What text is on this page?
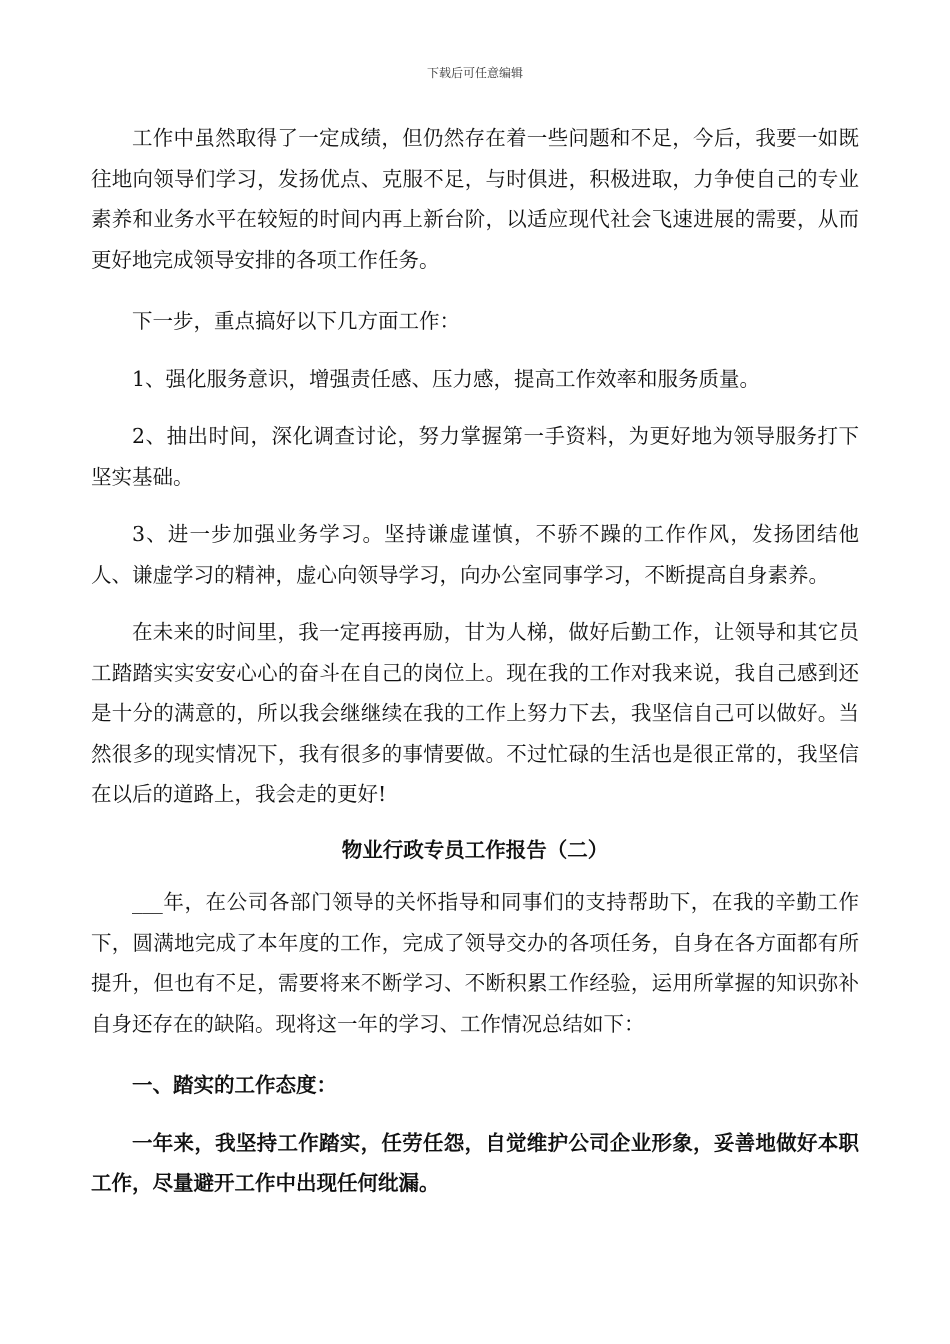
下载后可任意编辑

工作中虽然取得了一定成绩，但仍然存在着一些问题和不足，今后，我要一如既往地向领导们学习，发扬优点、克服不足，与时俱进，积极进取，力争使自己的专业素养和业务水平在较短的时间内再上新台阶，以适应现代社会飞速进展的需要，从而更好地完成领导安排的各项工作任务。

下一步，重点搞好以下几方面工作：

1、强化服务意识，增强责任感、压力感，提高工作效率和服务质量。

2、抽出时间，深化调查讨论，努力掌握第一手资料，为更好地为领导服务打下坚实基础。

3、进一步加强业务学习。坚持谦虚谨慎，不骄不躁的工作作风，发扬团结他人、谦虚学习的精神，虚心向领导学习，向办公室同事学习，不断提高自身素养。

在未来的时间里，我一定再接再励，甘为人梯，做好后勤工作，让领导和其它员工踏踏实实安安心心的奋斗在自己的岗位上。现在我的工作对我来说，我自己感到还是十分的满意的，所以我会继继续在我的工作上努力下去，我坚信自己可以做好。当然很多的现实情况下，我有很多的事情要做。不过忙碌的生活也是很正常的，我坚信在以后的道路上，我会走的更好!

物业行政专员工作报告（二）

___年，在公司各部门领导的关怀指导和同事们的支持帮助下，在我的辛勤工作下，圆满地完成了本年度的工作，完成了领导交办的各项任务，自身在各方面都有所提升，但也有不足，需要将来不断学习、不断积累工作经验，运用所掌握的知识弥补自身还存在的缺陷。现将这一年的学习、工作情况总结如下：

一、踏实的工作态度：

一年来，我坚持工作踏实，任劳任怨，自觉维护公司企业形象，妥善地做好本职工作，尽量避开工作中出现任何纰漏。
